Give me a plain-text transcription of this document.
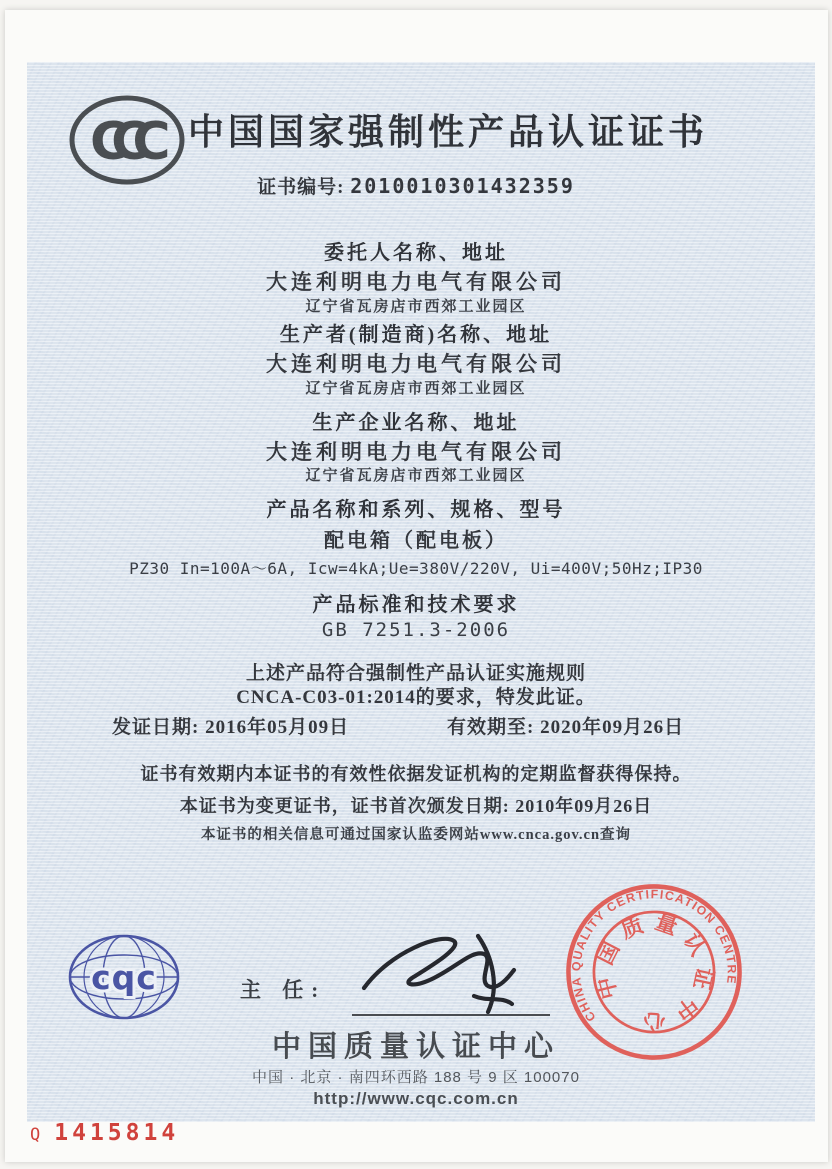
CCC 中国国家强制性产品认证证书
证书编号: 2010010301432359
委托人名称、地址
大连利明电力电气有限公司
辽宁省瓦房店市西郊工业园区
生产者(制造商)名称、地址
大连利明电力电气有限公司
辽宁省瓦房店市西郊工业园区
生产企业名称、地址
大连利明电力电气有限公司
辽宁省瓦房店市西郊工业园区
产品名称和系列、规格、型号
配电箱（配电板）
PZ30 In=100A～6A, Icw=4kA;Ue=380V/220V, Ui=400V;50Hz;IP30
产品标准和技术要求
GB 7251.3-2006
上述产品符合强制性产品认证实施规则
CNCA-C03-01:2014的要求，特发此证。
发证日期: 2016年05月09日	有效期至: 2020年09月26日
证书有效期内本证书的有效性依据发证机构的定期监督获得保持。
本证书为变更证书，证书首次颁发日期: 2010年09月26日
本证书的相关信息可通过国家认监委网站www.cnca.gov.cn查询
cqc	主 任:
中国质量认证中心
中国 · 北京 · 南四环西路 188 号 9 区 100070
http://www.cqc.com.cn
CHINA QUALITY CERTIFICATION CENTRE
中国质量认证中心
Q 1415814
